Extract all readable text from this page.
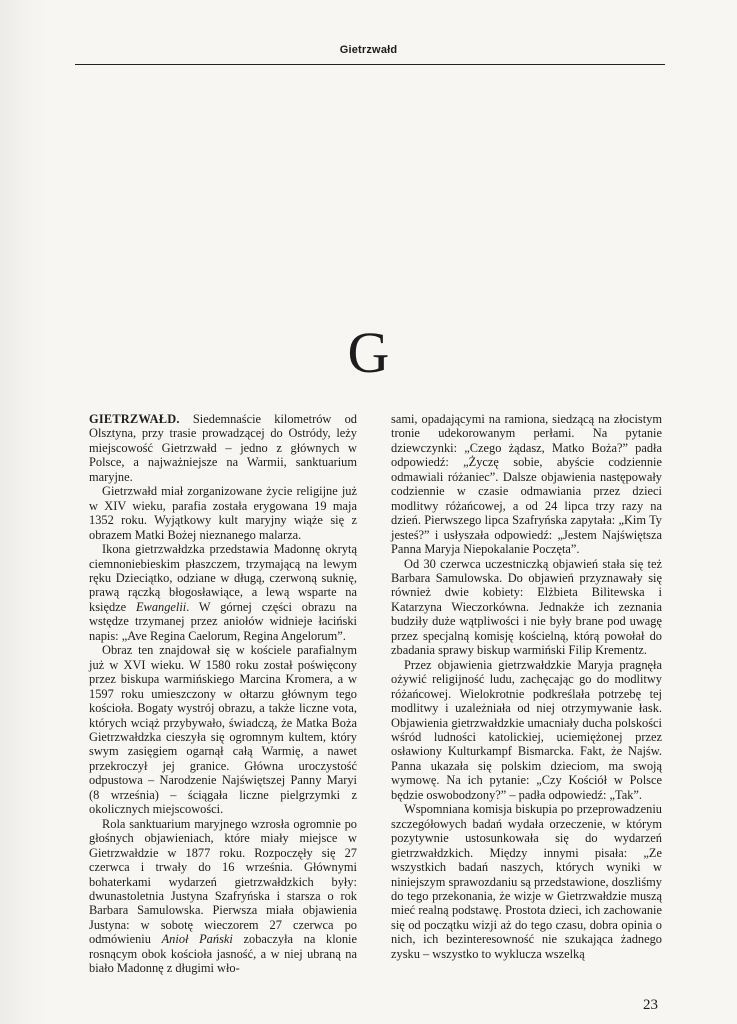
Gietrzwałd
G

GIETRZWAŁD. Siedemnaście kilometrów od Olsztyna, przy trasie prowadzącej do Ostródy, leży miejscowość Gietrzwałd – jedno z głównych w Polsce, a najważniejsze na Warmii, sanktuarium maryjne.

Gietrzwałd miał zorganizowane życie religijne już w XIV wieku, parafia została erygowana 19 maja 1352 roku. Wyjątkowy kult maryjny wiąże się z obrazem Matki Bożej nieznanego malarza.

Ikona gietrzwałdzka przedstawia Madonnę okrytą ciemnoniebieskim płaszczem, trzymającą na lewym ręku Dzieciątko, odziane w długą, czerwoną suknię, prawą rączką błogosławiące, a lewą wsparte na księdze Ewangelii. W górnej części obrazu na wstędze trzymanej przez aniołów widnieje łaciński napis: „Ave Regina Caelorum, Regina Angelorum”.

Obraz ten znajdował się w kościele parafialnym już w XVI wieku. W 1580 roku został poświęcony przez biskupa warmińskiego Marcina Kromera, a w 1597 roku umieszczony w ołtarzu głównym tego kościoła. Bogaty wystrój obrazu, a także liczne vota, których wciąż przybywało, świadczą, że Matka Boża Gietrzwałdzka cieszyła się ogromnym kultem, który swym zasięgiem ogarnął całą Warmię, a nawet przekroczył jej granice. Główna uroczystość odpustowa – Narodzenie Najświętszej Panny Maryi (8 września) – ściągała liczne pielgrzymki z okolicznych miejscowości.

Rola sanktuarium maryjnego wzrosła ogromnie po głośnych objawieniach, które miały miejsce w Gietrzwałdzie w 1877 roku. Rozpoczęły się 27 czerwca i trwały do 16 września. Głównymi bohaterkami wydarzeń gietrzwałdzkich były: dwunastoletnia Justyna Szafryńska i starsza o rok Barbara Samulowska. Pierwsza miała objawienia Justyna: w sobotę wieczorem 27 czerwca po odmówieniu Anioł Pański zobaczyła na klonie rosnącym obok kościoła jasność, a w niej ubraną na biało Madonnę z długimi wło-

sami, opadającymi na ramiona, siedzącą na złocistym tronie udekorowanym perłami. Na pytanie dziewczynki: „Czego żądasz, Matko Boża?” padła odpowiedź: „Życzę sobie, abyście codziennie odmawiali różaniec”. Dalsze objawienia następowały codziennie w czasie odmawiania przez dzieci modlitwy różańcowej, a od 24 lipca trzy razy na dzień. Pierwszego lipca Szafryńska zapytała: „Kim Ty jesteś?” i usłyszała odpowiedź: „Jestem Najświętsza Panna Maryja Niepokalanie Poczęta”.

Od 30 czerwca uczestniczką objawień stała się też Barbara Samulowska. Do objawień przyznawały się również dwie kobiety: Elżbieta Bilitewska i Katarzyna Wieczorkówna. Jednakże ich zeznania budziły duże wątpliwości i nie były brane pod uwagę przez specjalną komisję kościelną, którą powołał do zbadania sprawy biskup warmiński Filip Krementz.

Przez objawienia gietrzwałdzkie Maryja pragnęła ożywić religijność ludu, zachęcając go do modlitwy różańcowej. Wielokrotnie podkreślała potrzebę tej modlitwy i uzależniała od niej otrzymywanie łask. Objawienia gietrzwałdzkie umacniały ducha polskości wśród ludności katolickiej, uciemiężonej przez osławiony Kulturkampf Bismarcka. Fakt, że Najśw. Panna ukazała się polskim dzieciom, ma swoją wymowę. Na ich pytanie: „Czy Kościół w Polsce będzie oswobodzony?” – padła odpowiedź: „Tak”.

Wspomniana komisja biskupia po przeprowadzeniu szczegółowych badań wydała orzeczenie, w którym pozytywnie ustosunkowała się do wydarzeń gietrzwałdzkich. Między innymi pisała: „Ze wszystkich badań naszych, których wyniki w niniejszym sprawozdaniu są przedstawione, doszliśmy do tego przekonania, że wizje w Gietrzwałdzie muszą mieć realną podstawę. Prostota dzieci, ich zachowanie się od początku wizji aż do tego czasu, dobra opinia o nich, ich bezinteresowność nie szukająca żadnego zysku – wszystko to wyklucza wszelką

23
